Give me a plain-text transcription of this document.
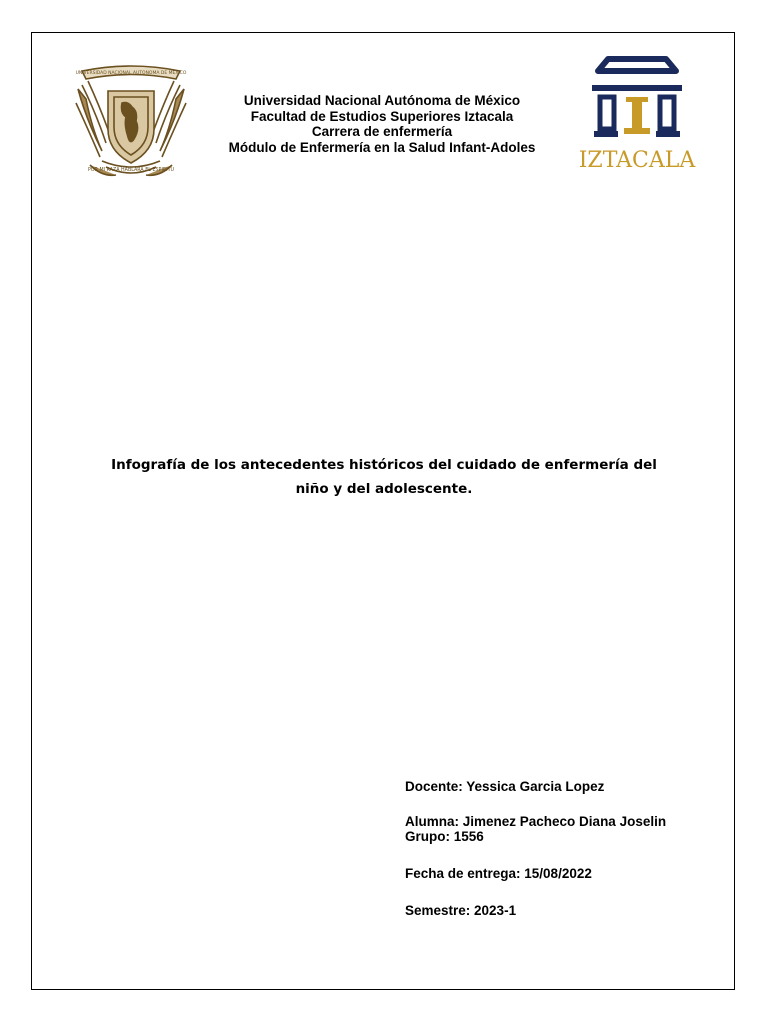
UNIVERSIDAD NACIONAL AUTONOMA DE MEXICO
POR MI RAZA HABLARA EL ESPIRITU
Universidad Nacional Autónoma de México
Facultad de Estudios Superiores Iztacala
Carrera de enfermería
Módulo de Enfermería en la Salud Infant-Adoles
IZTACALA
Infografía de los antecedentes históricos del cuidado de enfermería del
niño y del adolescente.
Docente: Yessica Garcia Lopez
Alumna: Jimenez Pacheco Diana Joselin
Grupo: 1556
Fecha de entrega: 15/08/2022
Semestre: 2023-1
